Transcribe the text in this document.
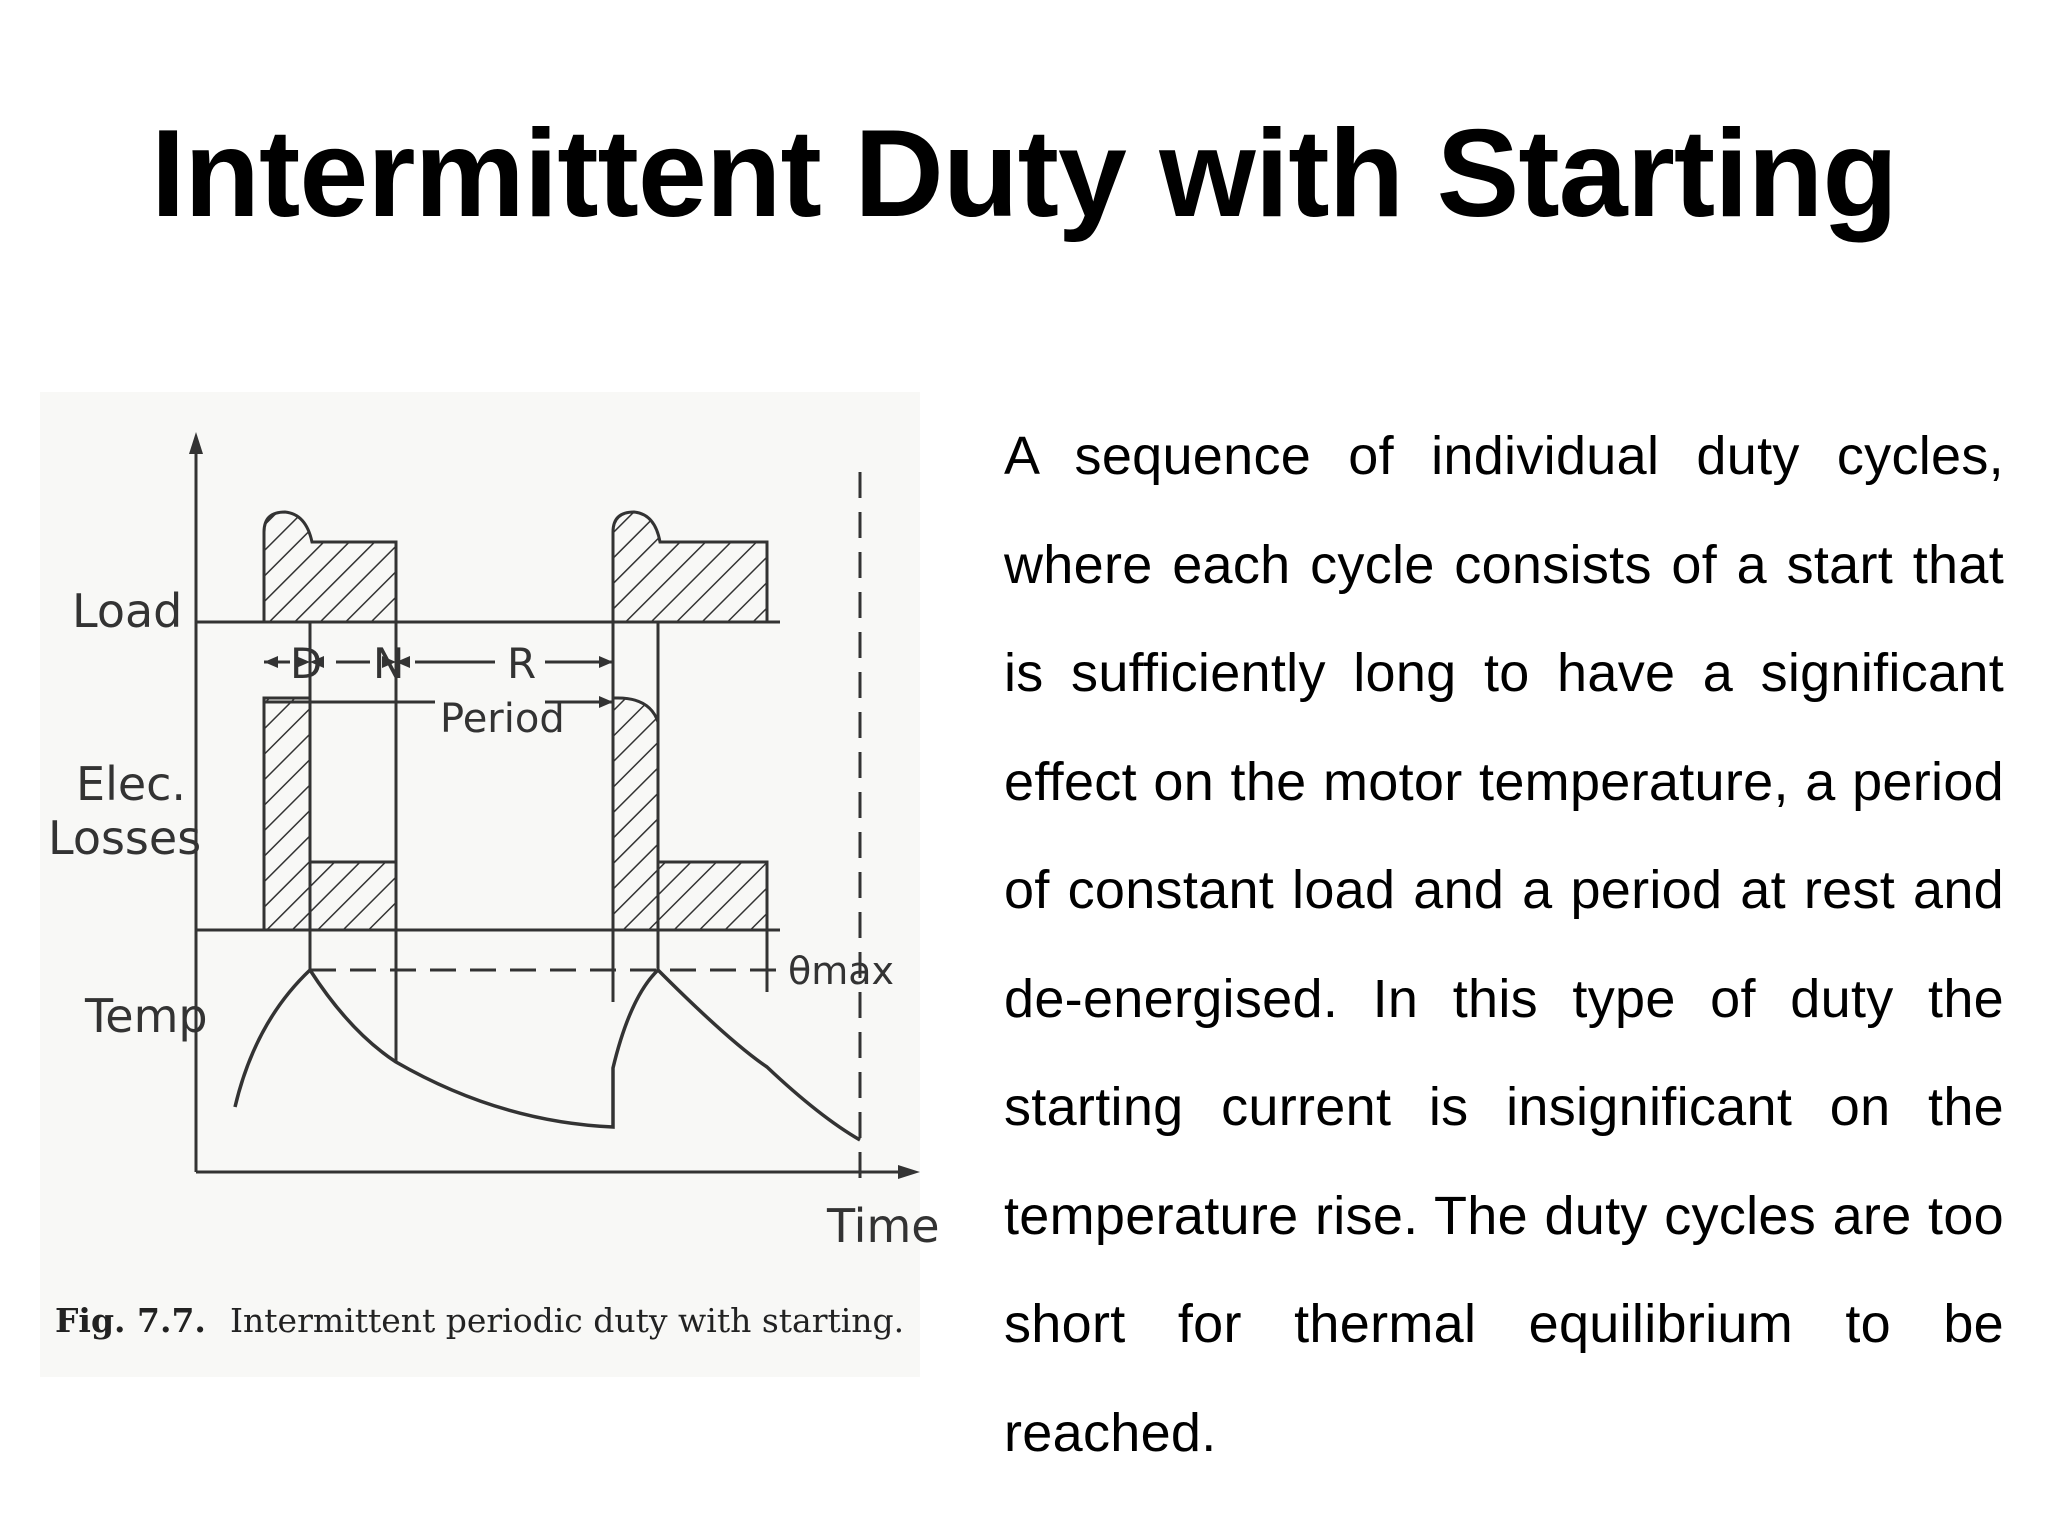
Intermittent Duty with Starting
Load
Elec.
Losses
Temp
Time
D N R
Period
θmax
Fig. 7.7. Intermittent periodic duty with starting.
A sequence of individual duty cycles, where each cycle consists of a start that is sufficiently long to have a significant effect on the motor temperature, a period of constant load and a period at rest and de-energised. In this type of duty the starting current is insignificant on the temperature rise. The duty cycles are too short for thermal equilibrium to be reached.
